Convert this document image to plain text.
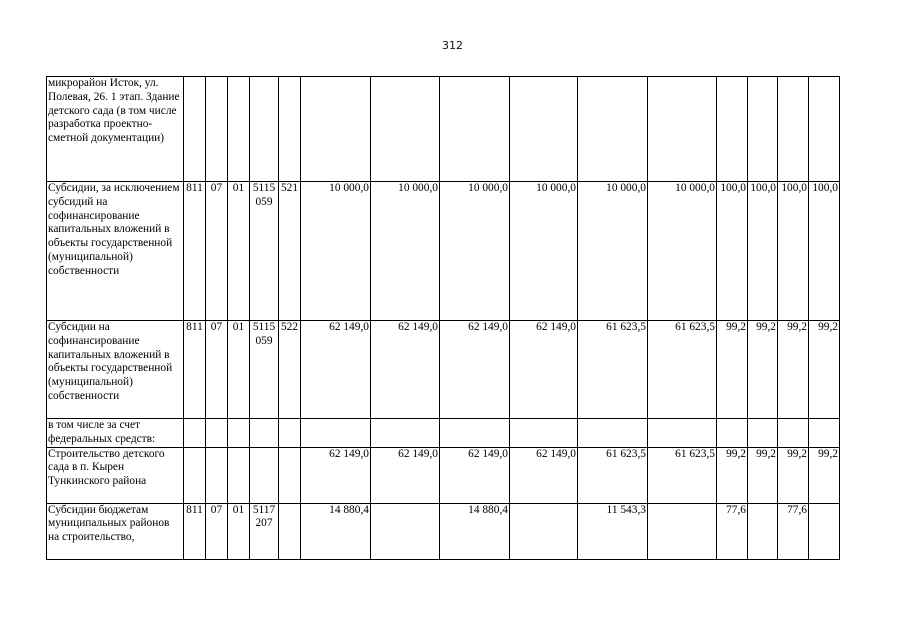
312
микрорайон Исток, ул. Полевая, 26. 1 этап. Здание детского сада (в том числе разработка проектно-сметной документации)															
Субсидии, за исключением субсидий на софинансирование капитальных вложений в объекты государственной (муниципальной) собственности	811	07	01	5115 059	521	10 000,0	10 000,0	10 000,0	10 000,0	10 000,0	10 000,0	100,0	100,0	100,0	100,0
Субсидии на софинансирование капитальных вложений в объекты государственной (муниципальной) собственности	811	07	01	5115 059	522	62 149,0	62 149,0	62 149,0	62 149,0	61 623,5	61 623,5	99,2	99,2	99,2	99,2
в том числе за счет федеральных средств:															
Строительство детского сада в п. Кырен Тункинского района						62 149,0	62 149,0	62 149,0	62 149,0	61 623,5	61 623,5	99,2	99,2	99,2	99,2
Субсидии бюджетам муниципальных районов на строительство,	811	07	01	5117 207		14 880,4		14 880,4		11 543,3		77,6		77,6	
